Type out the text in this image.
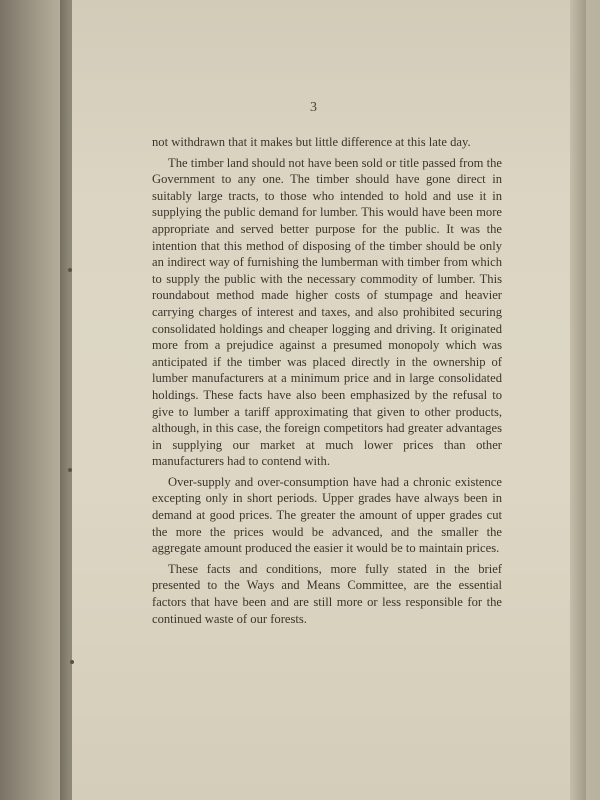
3

not withdrawn that it makes but little difference at this late day.

The timber land should not have been sold or title passed from the Government to any one. The timber should have gone direct in suitably large tracts, to those who intended to hold and use it in supplying the public demand for lumber. This would have been more appropriate and served better purpose for the public. It was the intention that this method of disposing of the timber should be only an indirect way of furnishing the lumberman with timber from which to supply the public with the necessary commodity of lumber. This roundabout method made higher costs of stumpage and heavier carrying charges of interest and taxes, and also prohibited securing consolidated holdings and cheaper logging and driving. It originated more from a prejudice against a presumed monopoly which was anticipated if the timber was placed directly in the ownership of lumber manufacturers at a minimum price and in large consolidated holdings. These facts have also been emphasized by the refusal to give to lumber a tariff approximating that given to other products, although, in this case, the foreign competitors had greater advantages in supplying our market at much lower prices than other manufacturers had to contend with.

Over-supply and over-consumption have had a chronic existence excepting only in short periods. Upper grades have always been in demand at good prices. The greater the amount of upper grades cut the more the prices would be advanced, and the smaller the aggregate amount produced the easier it would be to maintain prices.

These facts and conditions, more fully stated in the brief presented to the Ways and Means Committee, are the essential factors that have been and are still more or less responsible for the continued waste of our forests.
